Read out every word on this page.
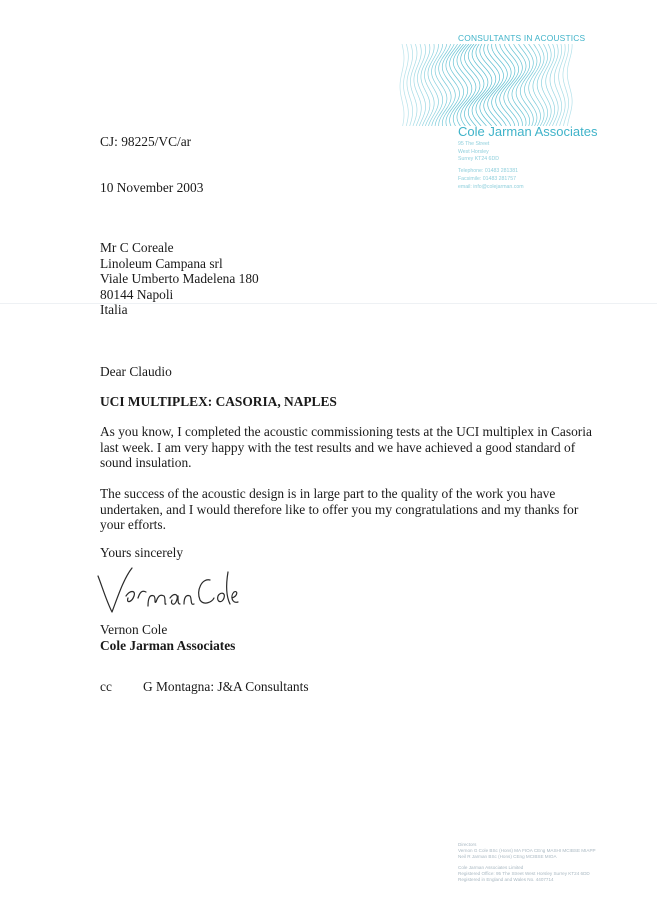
CONSULTANTS IN ACOUSTICS
Cole Jarman Associates
95 The Street
West Horsley
Surrey KT24 6DD
Telephone: 01483 281381
Facsimile: 01483 281757
email: info@colejarman.com
CJ: 98225/VC/ar
10 November 2003
Mr C Coreale
Linoleum Campana srl
Viale Umberto Madelena 180
80144 Napoli
Italia
Dear Claudio
UCI MULTIPLEX: CASORIA, NAPLES
As you know, I completed the acoustic commissioning tests at the UCI multiplex in Casoria
last week. I am very happy with the test results and we have achieved a good standard of
sound insulation.
The success of the acoustic design is in large part to the quality of the work you have
undertaken, and I would therefore like to offer you my congratulations and my thanks for
your efforts.
Yours sincerely
Vernon Cole
Cole Jarman Associates
cc G Montagna: J&A Consultants
Directors
Vernon G Cole BSc (Hons) MA FIOA CEng MASHI MCIBSE MIAPP
Neil R Jarman BSc (Hons) CEng MCIBSE MIOA
Cole Jarman Associates Limited
Registered Office: 95 The Street West Horsley Surrey KT24 6DD
Registered in England and Wales No. 4407714
